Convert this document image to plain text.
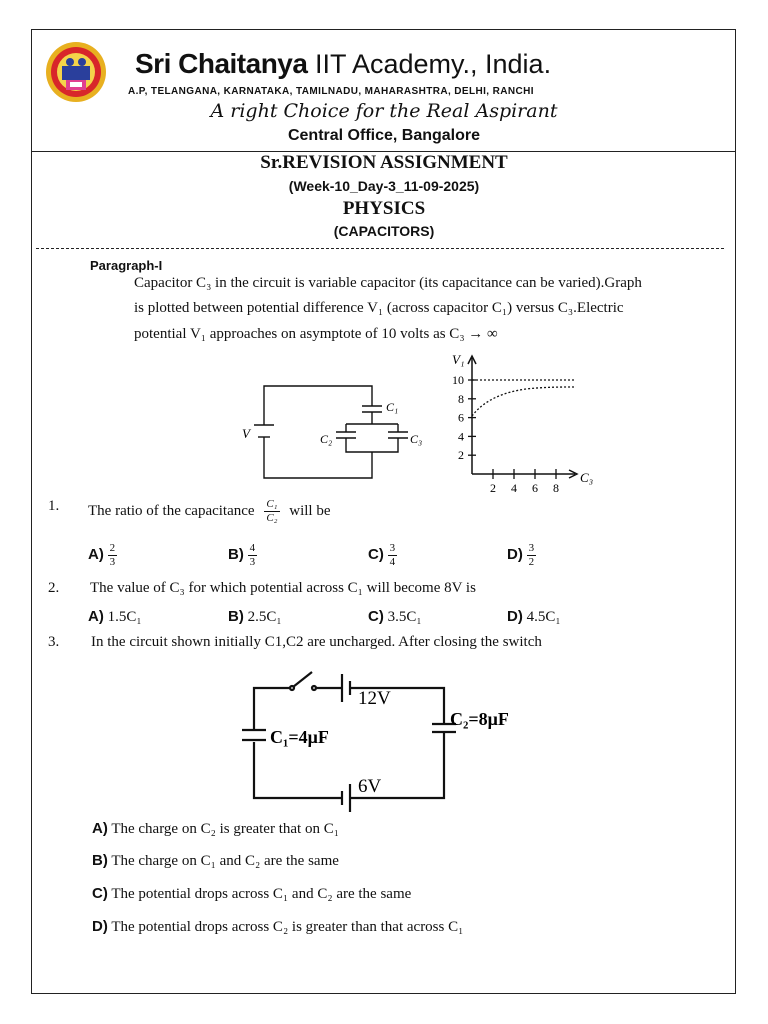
Sri Chaitanya IIT Academy., India.
A.P, TELANGANA, KARNATAKA, TAMILNADU, MAHARASHTRA, DELHI, RANCHI
A right Choice for the Real Aspirant
Central Office, Bangalore
Sr.REVISION ASSIGNMENT
(Week-10_Day-3_11-09-2025)
PHYSICS
(CAPACITORS)
Paragraph-I
Capacitor C₃ in the circuit is variable capacitor (its capacitance can be varied).Graph
is plotted between potential difference V₁ (across capacitor C₁) versus C₃.Electric
potential V₁ approaches on asymptote of 10 volts as C₃ → ∞
V
C₁
C₂	C₃
10
8
6
4
2
2 4 6 8
V₁
C₃
1. The ratio of the capacitance $\frac{\text{C₁}}{\text{C₂}}$ will be
$A) \frac{2}{3}$	$B) \frac{4}{3}$	$C) \frac{3}{4}$	$D) \frac{3}{2}$
2. The value of C₃ for which potential across C₁ will become 8V is
A) 1.5C₁	B) 2.5C₁	C) 3.5C₁	D) 4.5C₁
3. In the circuit shown initially C1,C2 are uncharged. After closing the switch
12V
6V
C₁=4μF
C₂=8μF
A) The charge on C₂ is greater that on C₁
B) The charge on C₁ and C₂ are the same
C) The potential drops across C₁ and C₂ are the same
D) The potential drops across C₂ is greater than that across C₁
